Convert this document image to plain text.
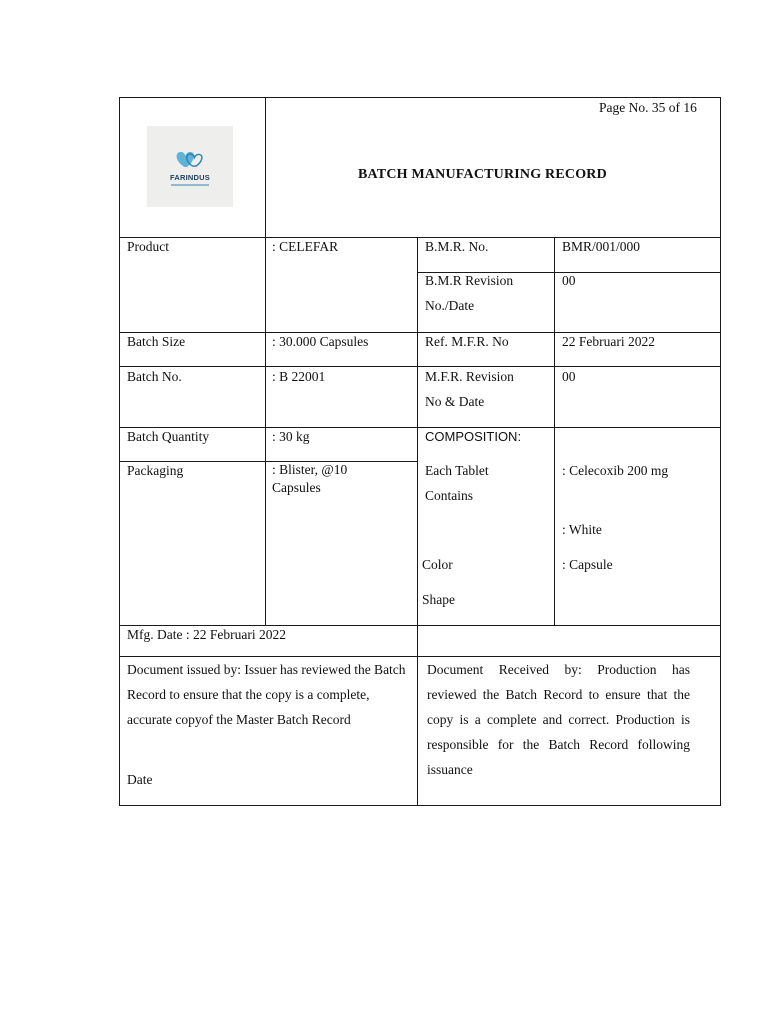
FARINDUS
Page No. 35 of 16
BATCH MANUFACTURING RECORD
Product
Batch Size
Batch No.
Batch Quantity
Packaging
: CELEFAR
: 30.000 Capsules
: B 22001
: 30 kg
: Blister, @10
Capsules
B.M.R. No.
B.M.R Revision
No./Date
Ref. M.F.R. No
M.F.R. Revision
No & Date
COMPOSITION:
Each Tablet
Contains
Color
Shape
BMR/001/000
00
22 Februari 2022
00
: Celecoxib 200 mg
: White
: Capsule
Mfg. Date : 22 Februari 2022
Document issued by: Issuer has reviewed the Batch Record to ensure that the copy is a complete, accurate copyof the Master Batch Record
Date
Document Received by: Production has reviewed the Batch Record to ensure that the copy is a complete and correct. Production is responsible for the Batch Record following issuance
